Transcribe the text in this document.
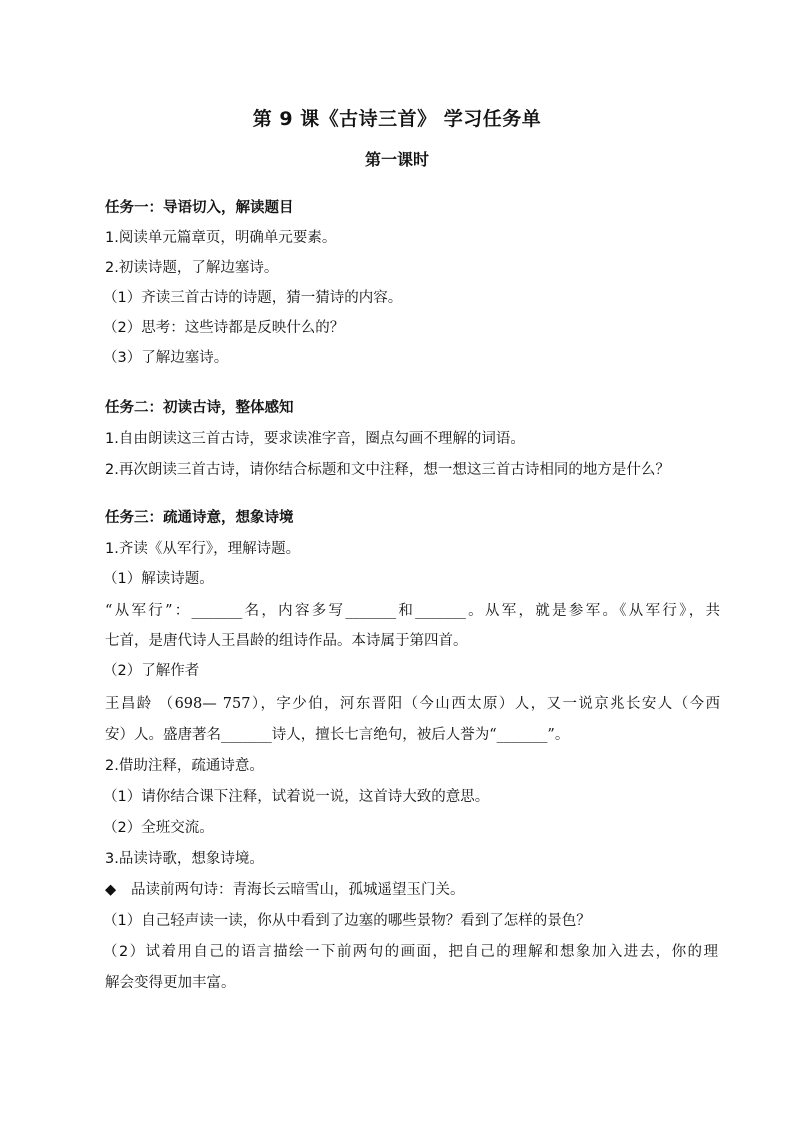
第 9 课《古诗三首》 学习任务单
第一课时
任务一：导语切入，解读题目
1.阅读单元篇章页，明确单元要素。
2.初读诗题，了解边塞诗。
（1）齐读三首古诗的诗题，猜一猜诗的内容。
（2）思考：这些诗都是反映什么的？
（3）了解边塞诗。
任务二：初读古诗，整体感知
1.自由朗读这三首古诗，要求读准字音，圈点勾画不理解的词语。
2.再次朗读三首古诗，请你结合标题和文中注释，想一想这三首古诗相同的地方是什么？
任务三：疏通诗意，想象诗境
1.齐读《从军行》，理解诗题。
（1）解读诗题。
“从军行”：_______名，内容多写_______和_______。从军，就是参军。《从军行》，共
七首，是唐代诗人王昌龄的组诗作品。本诗属于第四首。
（2）了解作者
王昌龄 （698— 757），字少伯，河东晋阳（今山西太原）人，又一说京兆长安人（今西
安）人。盛唐著名_______诗人，擅长七言绝句，被后人誉为“_______”。
2.借助注释，疏通诗意。
（1）请你结合课下注释，试着说一说，这首诗大致的意思。
（2）全班交流。
3.品读诗歌，想象诗境。
◆ 品读前两句诗：青海长云暗雪山，孤城遥望玉门关。
（1）自己轻声读一读，你从中看到了边塞的哪些景物？看到了怎样的景色？
（2）试着用自己的语言描绘一下前两句的画面，把自己的理解和想象加入进去，你的理
解会变得更加丰富。
